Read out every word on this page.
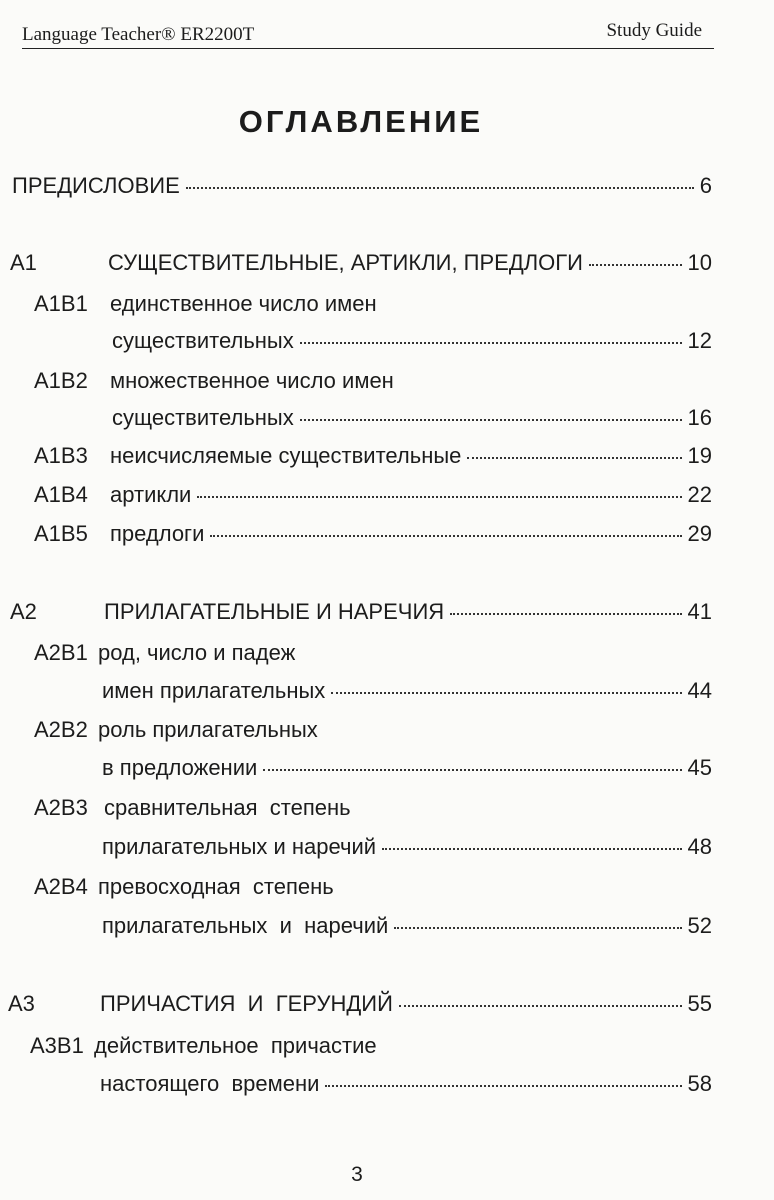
Language Teacher® ER2200T	Study Guide
ОГЛАВЛЕНИЕ
ПРЕДИСЛОВИЕ	6
A1	СУЩЕСТВИТЕЛЬНЫЕ, АРТИКЛИ, ПРЕДЛОГИ	10
A1B1 единственное число имен
существительных	12
A1B2 множественное число имен
существительных	16
A1B3 неисчисляемые существительные	19
A1B4 артикли	22
A1B5 предлоги	29
A2	ПРИЛАГАТЕЛЬНЫЕ И НАРЕЧИЯ	41
A2B1 род, число и падеж
имен прилагательных	44
A2B2 роль прилагательных
в предложении	45
A2B3 сравнительная  степень
прилагательных и наречий	48
A2B4 превосходная  степень
прилагательных  и  наречий	52
A3	ПРИЧАСТИЯ  И  ГЕРУНДИЙ	55
A3B1 действительное  причастие
настоящего  времени	58
3
